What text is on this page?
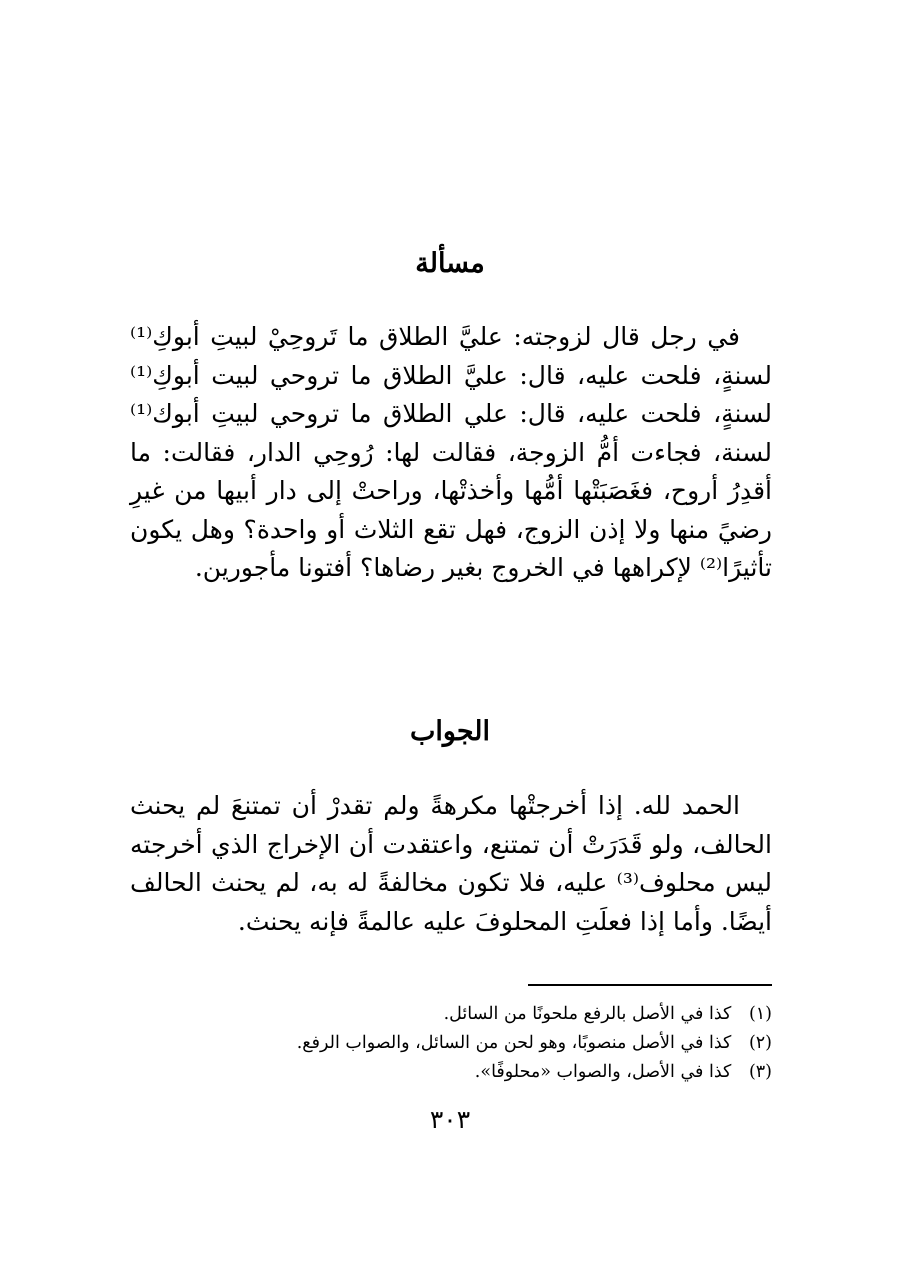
مسألة

في رجل قال لزوجته: عليَّ الطلاق ما تَروحِيْ لبيتِ أبوكِ⁽¹⁾ لسنةٍ، فلحت عليه، قال: عليَّ الطلاق ما تروحي لبيت أبوكِ⁽¹⁾ لسنةٍ، فلحت عليه، قال: علي الطلاق ما تروحي لبيتِ أبوك⁽¹⁾ لسنة، فجاءت أمُّ الزوجة، فقالت لها: رُوحِي الدار، فقالت: ما أقدِرُ أروح، فغَصَبَتْها أمُّها وأخذتْها، وراحتْ إلى دار أبيها من غيرِ رضيً منها ولا إذن الزوج، فهل تقع الثلاث أو واحدة؟ وهل يكون تأثيرًا⁽²⁾ لإكراهها في الخروج بغير رضاها؟ أفتونا مأجورين.

الجواب

الحمد لله. إذا أخرجتْها مكرهةً ولم تقدرْ أن تمتنعَ لم يحنث الحالف، ولو قَدَرَتْ أن تمتنع، واعتقدت أن الإخراج الذي أخرجته ليس محلوف⁽³⁾ عليه، فلا تكون مخالفةً له به، لم يحنث الحالف أيضًا. وأما إذا فعلَتِ المحلوفَ عليه عالمةً فإنه يحنث.

(١) كذا في الأصل بالرفع ملحونًا من السائل.
(٢) كذا في الأصل منصوبًا، وهو لحن من السائل، والصواب الرفع.
(٣) كذا في الأصل، والصواب «محلوفًا».
٣٠٣
